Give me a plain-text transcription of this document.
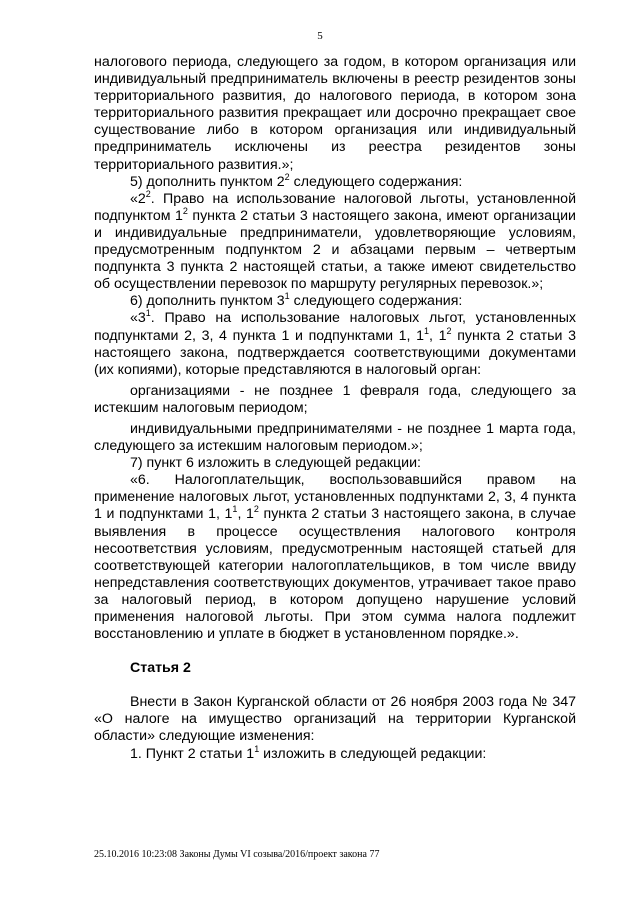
5

налогового периода, следующего за годом, в котором организация или индивидуальный предприниматель включены в реестр резидентов зоны территориального развития, до налогового периода, в котором зона территориального развития прекращает или досрочно прекращает свое существование либо в котором организация или индивидуальный предприниматель исключены из реестра резидентов зоны территориального развития.»;

5) дополнить пунктом $2^2$ следующего содержания:

«$2^2$. Право на использование налоговой льготы, установленной подпунктом $1^2$ пункта 2 статьи 3 настоящего закона, имеют организации и индивидуальные предприниматели, удовлетворяющие условиям, предусмотренным подпунктом 2 и абзацами первым – четвертым подпункта 3 пункта 2 настоящей статьи, а также имеют свидетельство об осуществлении перевозок по маршруту регулярных перевозок.»;

6) дополнить пунктом $3^1$ следующего содержания:

«$3^1$. Право на использование налоговых льгот, установленных подпунктами 2, 3, 4 пункта 1 и подпунктами 1, $1^1$, $1^2$ пункта 2 статьи 3 настоящего закона, подтверждается соответствующими документами (их копиями), которые представляются в налоговый орган:

организациями - не позднее 1 февраля года, следующего за истекшим налоговым периодом;

индивидуальными предпринимателями - не позднее 1 марта года, следующего за истекшим налоговым периодом.»;

7) пункт 6 изложить в следующей редакции:

«6. Налогоплательщик, воспользовавшийся правом на применение налоговых льгот, установленных подпунктами 2, 3, 4 пункта 1 и подпунктами 1, $1^1$, $1^2$ пункта 2 статьи 3 настоящего закона, в случае выявления в процессе осуществления налогового контроля несоответствия условиям, предусмотренным настоящей статьей для соответствующей категории налогоплательщиков, в том числе ввиду непредставления соответствующих документов, утрачивает такое право за налоговый период, в котором допущено нарушение условий применения налоговой льготы. При этом сумма налога подлежит восстановлению и уплате в бюджет в установленном порядке.».

Статья 2

Внести в Закон Курганской области от 26 ноября 2003 года № 347 «О налоге на имущество организаций на территории Курганской области» следующие изменения:

1. Пункт 2 статьи $1^1$ изложить в следующей редакции:

25.10.2016 10:23:08 Законы Думы VI созыва/2016/проект закона 77
